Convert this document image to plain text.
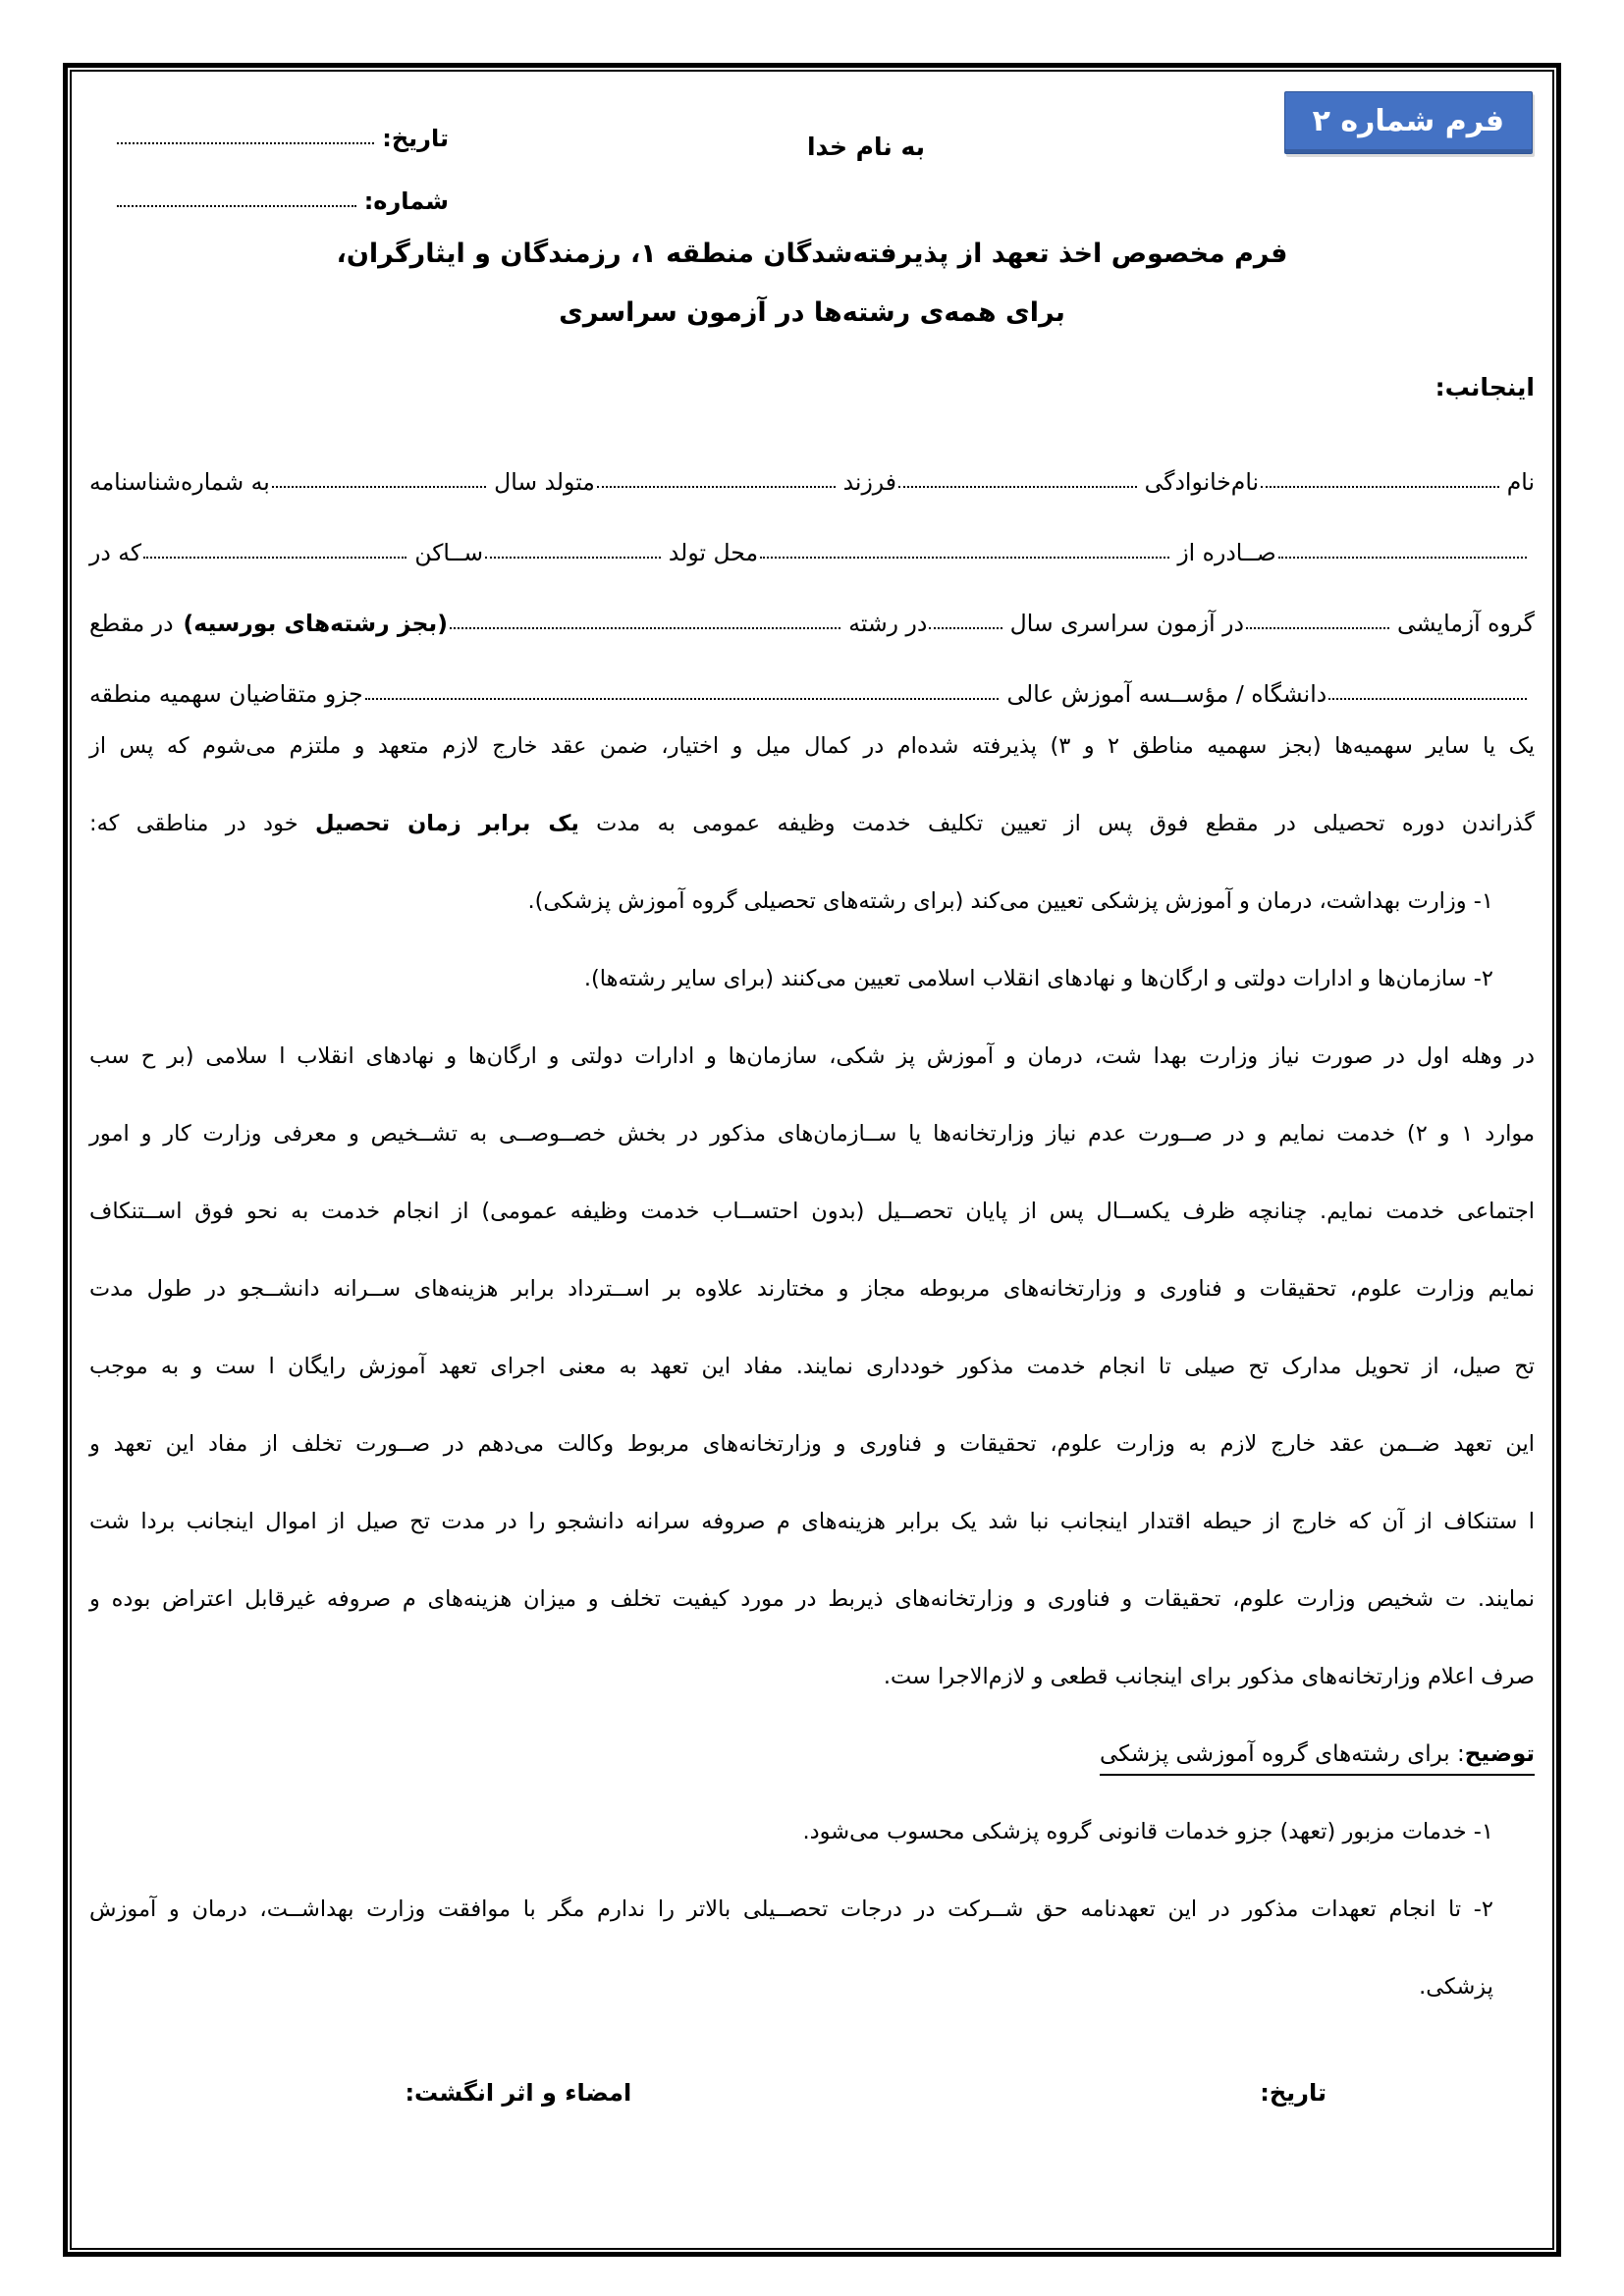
فرم شماره ۲
به نام خدا
تاریخ:
شماره:
فرم مخصوص اخذ تعهد از پذیرفته‌شدگان منطقه ۱، رزمندگان و ایثارگران،
برای همه‌ی رشته‌ها در آزمون سراسری
اینجانب:
نام
نام‌خانوادگی
فرزند
متولد سال
به شماره‌شناسنامه
صــادره از
محل تولد
ســاکن
که در
گروه آزمایشی
در آزمون سراسری سال
در رشته
(بجز رشته‌های بورسیه)
در مقطع
دانشگاه / مؤســسه آموزش عالی
جزو متقاضیان سهمیه منطقه
یک یا سایر سهمیه‌ها (بجز سهمیه مناطق ۲ و ۳) پذیرفته شده‌ام در کمال میل و اختیار، ضمن عقد خارج لازم متعهد و ملتزم می‌شوم که پس از
گذراندن دوره تحصیلی در مقطع فوق پس از تعیین تکلیف خدمت وظیفه عمومی به مدت یک برابر زمان تحصیل خود در مناطقی که:
۱- وزارت بهداشت، درمان و آموزش پزشکی تعیین می‌کند (برای رشته‌های تحصیلی گروه آموزش پزشکی).
۲- سازمان‌ها و ادارات دولتی و ارگان‌ها و نهادهای انقلاب اسلامی تعیین می‌کنند (برای سایر رشته‌ها).
در وهله اول در صورت نیاز وزارت بهدا شت، درمان و آموزش پز شکی، سازمان‌ها و ادارات دولتی و ارگان‌ها و نهادهای انقلاب ا سلامی (بر ح سب
موارد ۱ و ۲) خدمت نمایم و در صــورت عدم نیاز وزارتخانه‌ها یا ســازمان‌های مذکور در بخش خصــوصــی به تشــخیص و معرفی وزارت کار و امور
اجتماعی خدمت نمایم. چنانچه ظرف یکســال پس از پایان تحصــیل (بدون احتســاب خدمت وظیفه عمومی) از انجام خدمت به نحو فوق اســتنکاف
نمایم وزارت علوم، تحقیقات و فناوری و وزارتخانه‌های مربوطه مجاز و مختارند علاوه بر اســترداد برابر هزینه‌های ســرانه دانشــجو در طول مدت
تح صیل، از تحویل مدارک تح صیلی تا انجام خدمت مذکور خودداری نمایند. مفاد این تعهد به معنی اجرای تعهد آموزش رایگان ا ست و به موجب
این تعهد ضــمن عقد خارج لازم به وزارت علوم، تحقیقات و فناوری و وزارتخانه‌های مربوط وکالت می‌دهم در صــورت تخلف از مفاد این تعهد و
ا ستنکاف از آن که خارج از حیطه اقتدار اینجانب نبا شد یک برابر هزینه‌های م صروفه سرانه دانشجو را در مدت تح صیل از اموال اینجانب بردا شت
نمایند. ت شخیص وزارت علوم، تحقیقات و فناوری و وزارتخانه‌های ذیربط در مورد کیفیت تخلف و میزان هزینه‌های م صروفه غیرقابل اعتراض بوده و
صرف اعلام وزارتخانه‌های مذکور برای اینجانب قطعی و لازم‌الاجرا ست.
توضیح: برای رشته‌های گروه آموزشی پزشکی
۱- خدمات مزبور (تعهد) جزو خدمات قانونی گروه پزشکی محسوب می‌شود.
۲- تا انجام تعهدات مذکور در این تعهدنامه حق شــرکت در درجات تحصــیلی بالاتر را ندارم مگر با موافقت وزارت بهداشــت، درمان و آموزش
پزشکی.
تاریخ:
امضاء و اثر انگشت:
